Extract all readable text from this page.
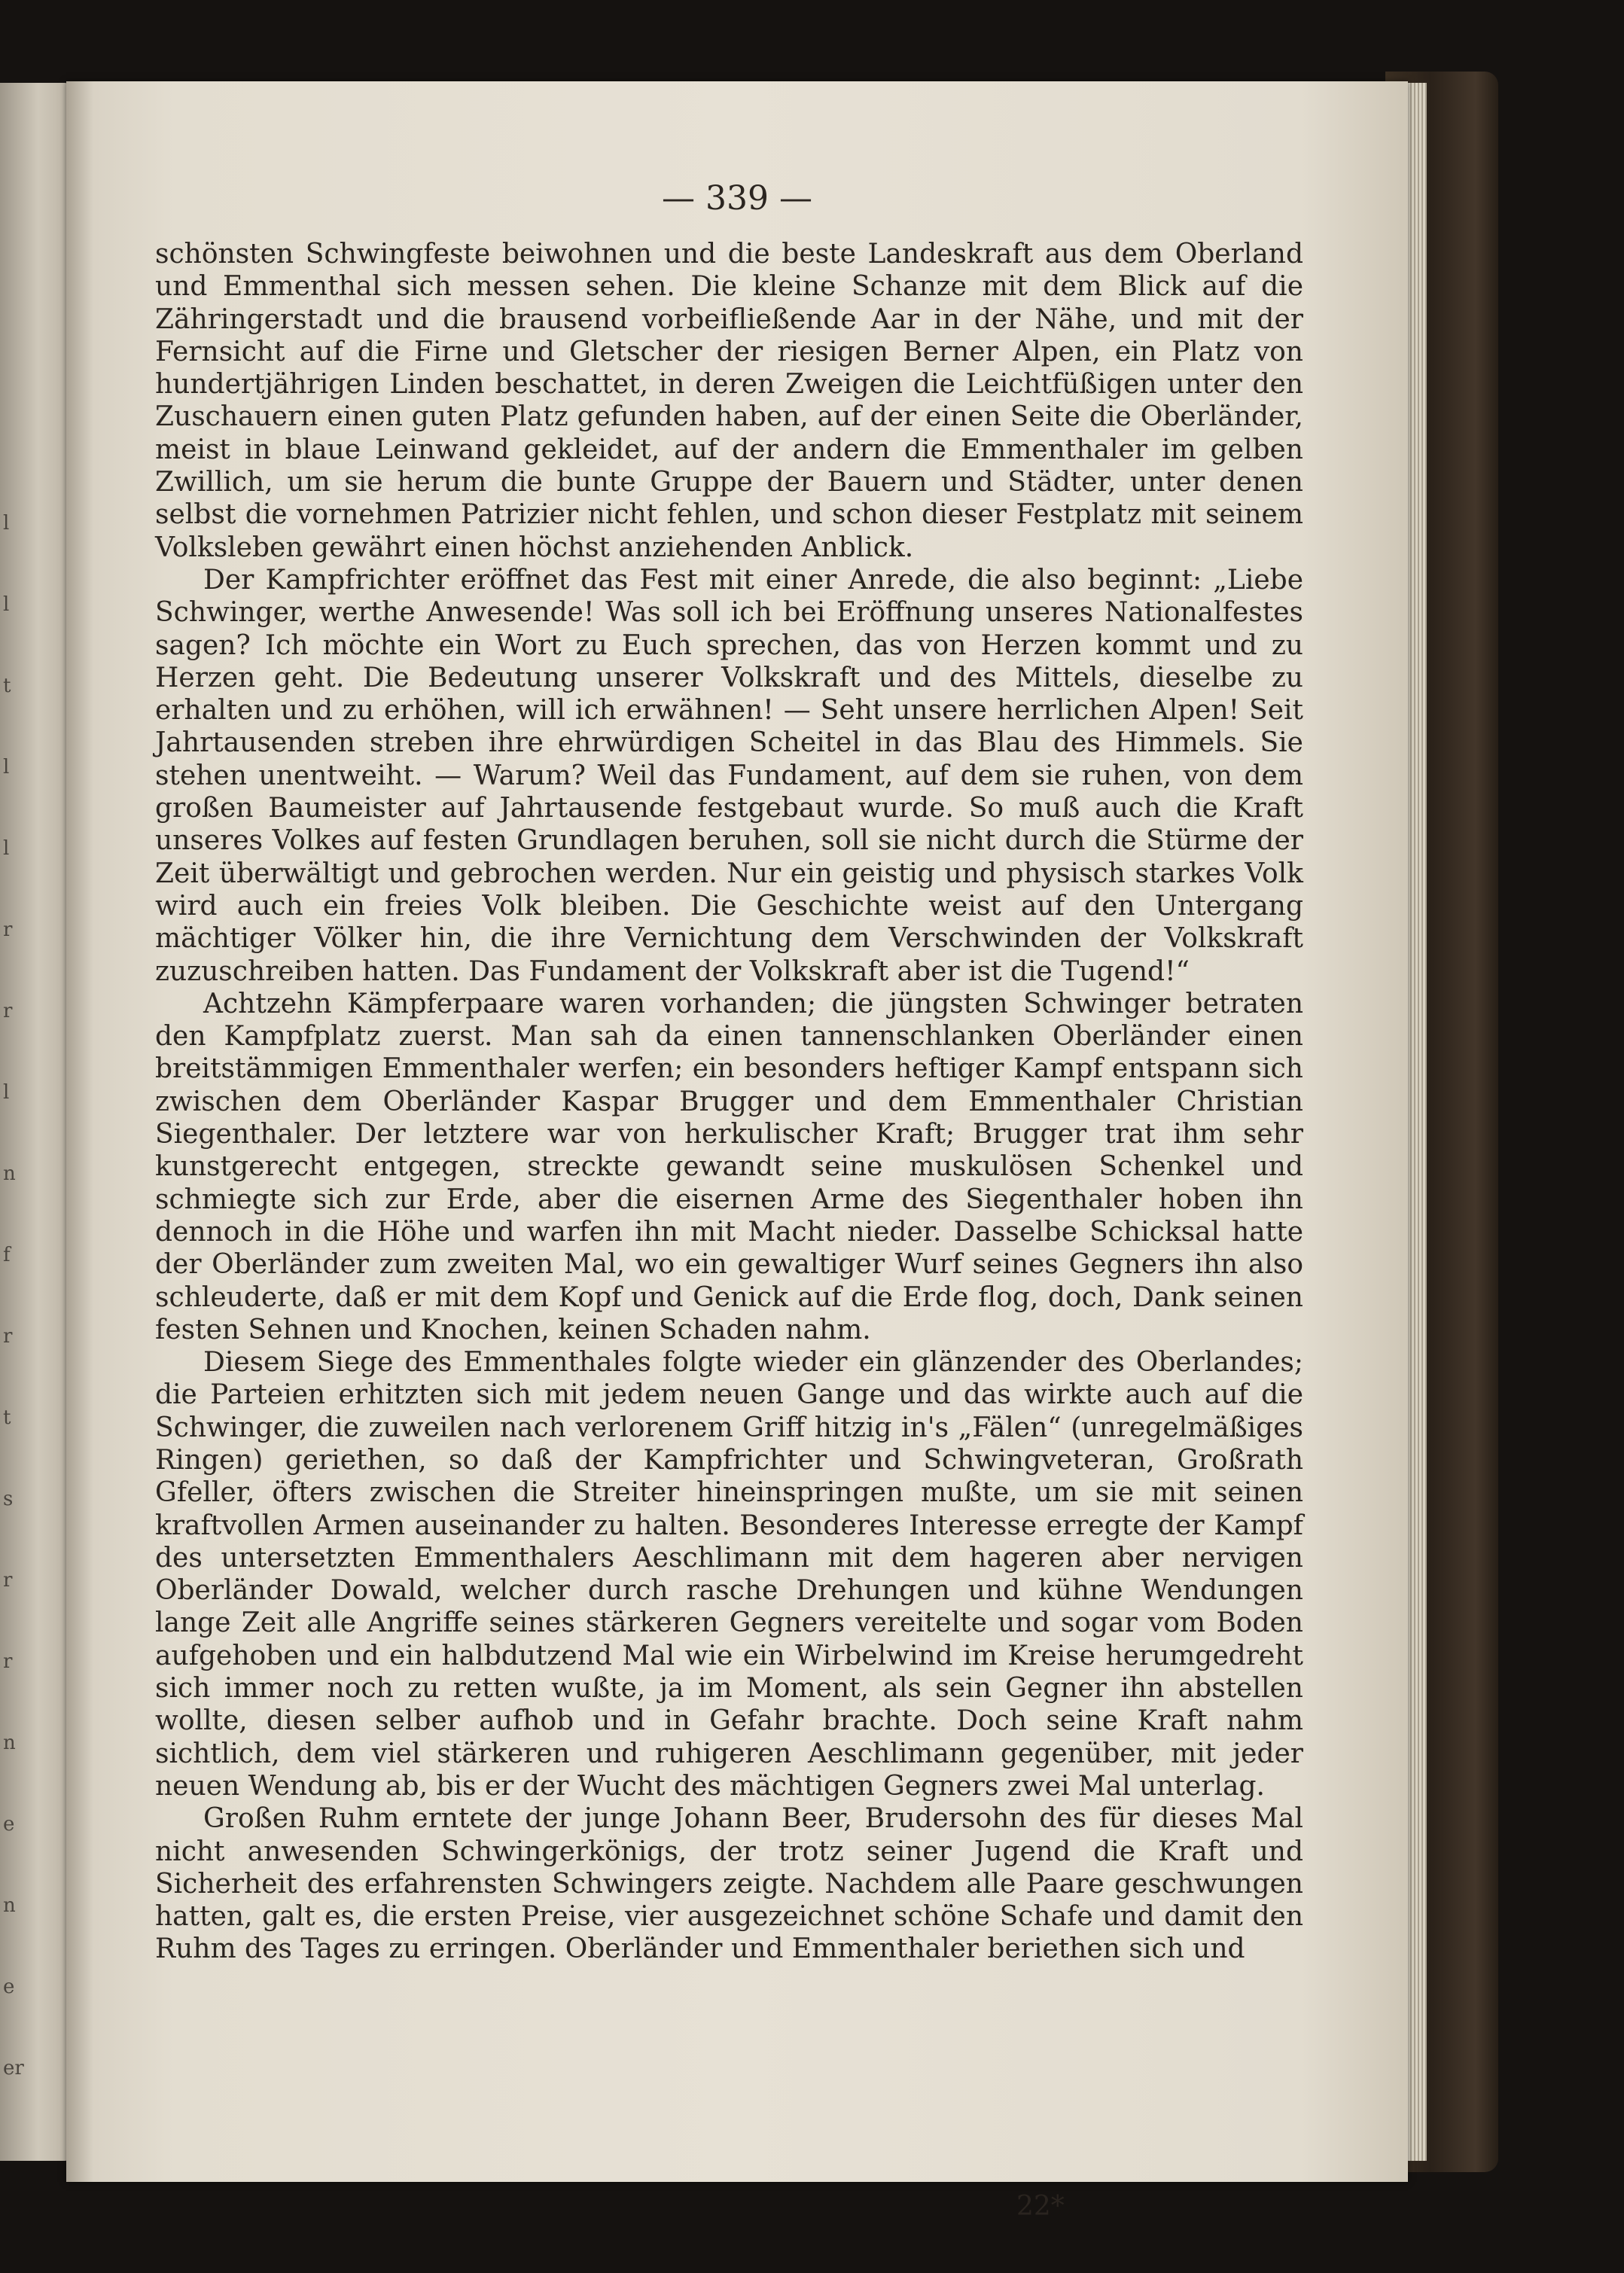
l
l
t
l
l
r
r
l
n
f
r
t
s
r
r
n
e
n
e
er
— 339 —

schönsten Schwingfeste beiwohnen und die beste Landeskraft aus dem Oberland und Emmenthal sich messen sehen. Die kleine Schanze mit dem Blick auf die Zähringerstadt und die brausend vorbeifließende Aar in der Nähe, und mit der Fernsicht auf die Firne und Gletscher der riesigen Berner Alpen, ein Platz von hundertjährigen Linden beschattet, in deren Zweigen die Leichtfüßigen unter den Zuschauern einen guten Platz gefunden haben, auf der einen Seite die Oberländer, meist in blaue Leinwand gekleidet, auf der andern die Emmenthaler im gelben Zwillich, um sie herum die bunte Gruppe der Bauern und Städter, unter denen selbst die vornehmen Patrizier nicht fehlen, und schon dieser Festplatz mit seinem Volksleben gewährt einen höchst anziehenden Anblick.

Der Kampfrichter eröffnet das Fest mit einer Anrede, die also beginnt: „Liebe Schwinger, werthe Anwesende! Was soll ich bei Eröffnung unseres Nationalfestes sagen? Ich möchte ein Wort zu Euch sprechen, das von Herzen kommt und zu Herzen geht. Die Bedeutung unserer Volkskraft und des Mittels, dieselbe zu erhalten und zu erhöhen, will ich erwähnen! — Seht unsere herrlichen Alpen! Seit Jahrtausenden streben ihre ehrwürdigen Scheitel in das Blau des Himmels. Sie stehen unentweiht. — Warum? Weil das Fundament, auf dem sie ruhen, von dem großen Baumeister auf Jahrtausende festgebaut wurde. So muß auch die Kraft unseres Volkes auf festen Grundlagen beruhen, soll sie nicht durch die Stürme der Zeit überwältigt und gebrochen werden. Nur ein geistig und physisch starkes Volk wird auch ein freies Volk bleiben. Die Geschichte weist auf den Untergang mächtiger Völker hin, die ihre Vernichtung dem Verschwinden der Volkskraft zuzuschreiben hatten. Das Fundament der Volkskraft aber ist die Tugend!“

Achtzehn Kämpferpaare waren vorhanden; die jüngsten Schwinger betraten den Kampfplatz zuerst. Man sah da einen tannenschlanken Oberländer einen breitstämmigen Emmenthaler werfen; ein besonders heftiger Kampf entspann sich zwischen dem Oberländer Kaspar Brugger und dem Emmenthaler Christian Siegenthaler. Der letztere war von herkulischer Kraft; Brugger trat ihm sehr kunstgerecht entgegen, streckte gewandt seine muskulösen Schenkel und schmiegte sich zur Erde, aber die eisernen Arme des Siegenthaler hoben ihn dennoch in die Höhe und warfen ihn mit Macht nieder. Dasselbe Schicksal hatte der Oberländer zum zweiten Mal, wo ein gewaltiger Wurf seines Gegners ihn also schleuderte, daß er mit dem Kopf und Genick auf die Erde flog, doch, Dank seinen festen Sehnen und Knochen, keinen Schaden nahm.

Diesem Siege des Emmenthales folgte wieder ein glänzender des Oberlandes; die Parteien erhitzten sich mit jedem neuen Gange und das wirkte auch auf die Schwinger, die zuweilen nach verlorenem Griff hitzig in's „Fälen“ (unregelmäßiges Ringen) geriethen, so daß der Kampfrichter und Schwingveteran, Großrath Gfeller, öfters zwischen die Streiter hineinspringen mußte, um sie mit seinen kraftvollen Armen auseinander zu halten. Besonderes Interesse erregte der Kampf des untersetzten Emmenthalers Aeschlimann mit dem hageren aber nervigen Oberländer Dowald, welcher durch rasche Drehungen und kühne Wendungen lange Zeit alle Angriffe seines stärkeren Gegners vereitelte und sogar vom Boden aufgehoben und ein halbdutzend Mal wie ein Wirbelwind im Kreise herumgedreht sich immer noch zu retten wußte, ja im Moment, als sein Gegner ihn abstellen wollte, diesen selber aufhob und in Gefahr brachte. Doch seine Kraft nahm sichtlich, dem viel stärkeren und ruhigeren Aeschlimann gegenüber, mit jeder neuen Wendung ab, bis er der Wucht des mächtigen Gegners zwei Mal unterlag.

Großen Ruhm erntete der junge Johann Beer, Brudersohn des für dieses Mal nicht anwesenden Schwingerkönigs, der trotz seiner Jugend die Kraft und Sicherheit des erfahrensten Schwingers zeigte. Nachdem alle Paare geschwungen hatten, galt es, die ersten Preise, vier ausgezeichnet schöne Schafe und damit den Ruhm des Tages zu erringen. Oberländer und Emmenthaler beriethen sich und

22*
